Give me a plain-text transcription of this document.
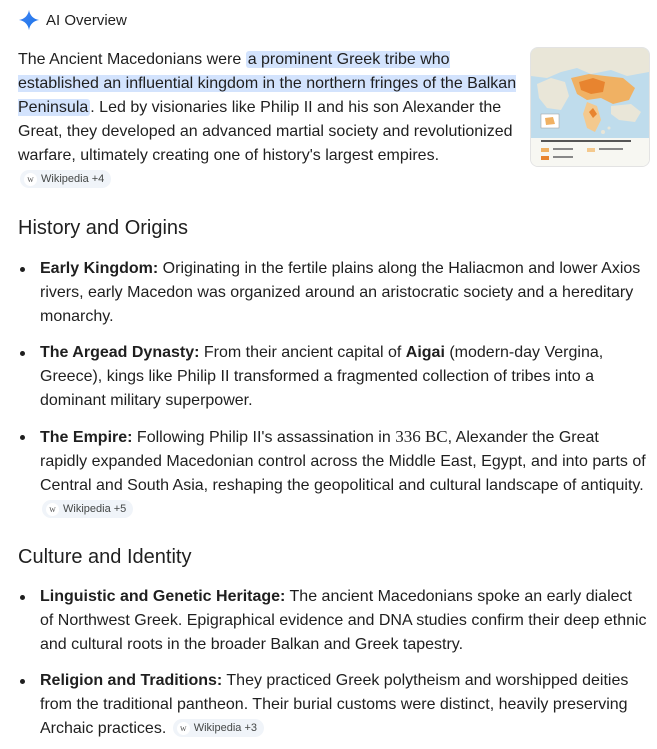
AI Overview
The Ancient Macedonians were a prominent Greek tribe who established an influential kingdom in the northern fringes of the Balkan Peninsula . Led by visionaries like Philip II and his son Alexander the Great, they developed an advanced martial society and revolutionized warfare, ultimately creating one of history's largest empires.
w Wikipedia +4
History and Origins
Early Kingdom: Originating in the fertile plains along the Haliacmon and lower Axios rivers, early Macedon was organized around an aristocratic society and a hereditary monarchy.
The Argead Dynasty: From their ancient capital of Aigai (modern-day Vergina, Greece), kings like Philip II transformed a fragmented collection of tribes into a dominant military superpower.
The Empire: Following Philip II's assassination in 336 BC, Alexander the Great rapidly expanded Macedonian control across the Middle East, Egypt, and into parts of Central and South Asia, reshaping the geopolitical and cultural landscape of antiquity.
w Wikipedia +5
Culture and Identity
Linguistic and Genetic Heritage: The ancient Macedonians spoke an early dialect of Northwest Greek. Epigraphical evidence and DNA studies confirm their deep ethnic and cultural roots in the broader Balkan and Greek tapestry.
Religion and Traditions: They practiced Greek polytheism and worshipped deities from the traditional pantheon. Their burial customs were distinct, heavily preserving Archaic practices.	w Wikipedia +3
